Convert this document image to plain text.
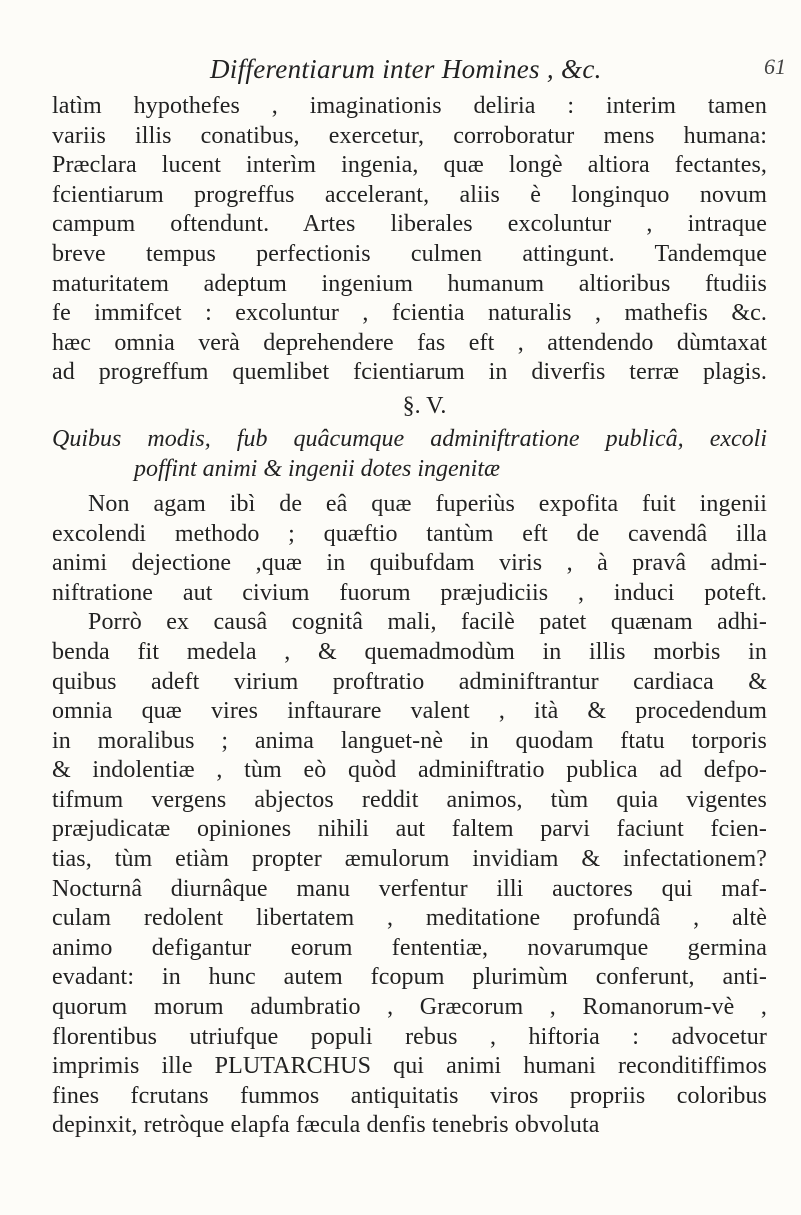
Differentiarum inter Homines , &c.	61
latìm hypothefes , imaginationis deliria : interim tamen
variis illis conatibus, exercetur, corroboratur mens humana:
Præclara lucent interìm ingenia, quæ longè altiora fectantes,
fcientiarum progreffus accelerant, aliis è longinquo novum
campum oftendunt. Artes liberales excoluntur , intraque
breve tempus perfectionis culmen attingunt. Tandemque
maturitatem adeptum ingenium humanum altioribus ftudiis
fe immifcet : excoluntur , fcientia naturalis , mathefis &c.
hæc omnia verà deprehendere fas eft , attendendo dùmtaxat
ad progreffum quemlibet fcientiarum in diverfis terræ plagis.
§. V.
Quibus modis, fub quâcumque adminiftratione publicâ, excoli
poffint animi & ingenii dotes ingenitæ
Non agam ibì de eâ quæ fuperiùs expofita fuit ingenii
excolendi methodo ; quæftio tantùm eft de cavendâ illa
animi dejectione ,quæ in quibufdam viris , à pravâ admi-
niftratione aut civium fuorum præjudiciis , induci poteft.
Porrò ex causâ cognitâ mali, facilè patet quænam adhi-
benda fit medela , & quemadmodùm in illis morbis in
quibus adeft virium proftratio adminiftrantur cardiaca &
omnia quæ vires inftaurare valent , ità & procedendum
in moralibus ; anima languet-nè in quodam ftatu torporis
& indolentiæ , tùm eò quòd adminiftratio publica ad defpo-
tifmum vergens abjectos reddit animos, tùm quia vigentes
præjudicatæ opiniones nihili aut faltem parvi faciunt fcien-
tias, tùm etiàm propter æmulorum invidiam & infectationem?
Nocturnâ diurnâque manu verfentur illi auctores qui maf-
culam redolent libertatem , meditatione profundâ , altè
animo defigantur eorum fententiæ, novarumque germina
evadant: in hunc autem fcopum plurimùm conferunt, anti-
quorum morum adumbratio , Græcorum , Romanorum-vè ,
florentibus utriufque populi rebus , hiftoria : advocetur
imprimis ille PLUTARCHUS qui animi humani reconditiffimos
fines fcrutans fummos antiquitatis viros propriis coloribus
depinxit, retròque elapfa fæcula denfis tenebris obvoluta
